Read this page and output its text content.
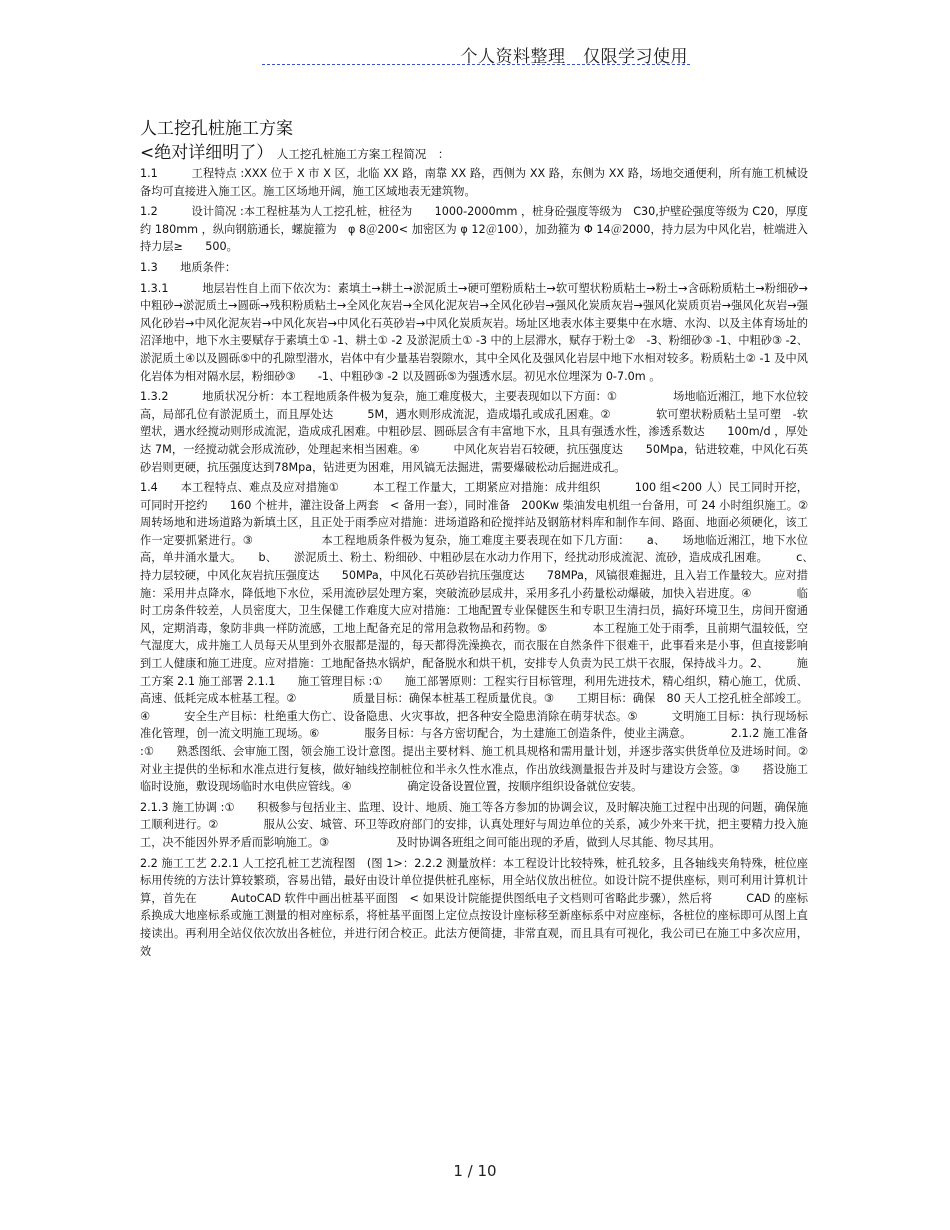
个人资料整理　仅限学习使用
人工挖孔桩施工方案
<绝对详细明了） 人工挖孔桩施工方案工程简况　：

1.1　　　工程特点 :XXX 位于 X 市 X 区，北临 XX 路，南靠 XX 路，西侧为 XX 路，东侧为 XX 路，场地交通便利，所有施工机械设备均可直接进入施工区。施工区场地开阔，施工区域地表无建筑物。

1.2　　　设计简况 :本工程桩基为人工挖孔桩，桩径为　　1000-2000mm ，桩身砼强度等级为　C30,护壁砼强度等级为 C20，厚度约 180mm ，纵向钢筋通长，螺旋箍为　φ 8＠200< 加密区为 φ 12＠100），加劲箍为 Φ 14＠2000，持力层为中风化岩，桩端进入持力层≥　　500。

1.3　　地质条件：

1.3.1　　　地层岩性自上而下依次为：素填土→耕土→淤泥质土→硬可塑粉质粘土→软可塑状粉质粘土→粉土→含砾粉质粘土→粉细砂→中粗砂→淤泥质土→圆砾→残积粉质粘土→全风化灰岩→全风化泥灰岩→全风化砂岩→强风化炭质灰岩→强风化炭质页岩→强风化灰岩→强风化砂岩→中风化泥灰岩→中风化灰岩→中风化石英砂岩→中风化炭质灰岩。场址区地表水体主要集中在水塘、水沟、以及主体育场址的沼泽地中，地下水主要赋存于素填土① -1、耕土① -2 及淤泥质土① -3 中的上层滞水，赋存于粉土②　-3、粉细砂③ -1、中粗砂③ -2、淤泥质土④以及圆砾⑤中的孔隙型潜水，岩体中有少量基岩裂隙水，其中全风化及强风化岩层中地下水相对较多。粉质粘土② -1 及中风化岩体为相对隔水层，粉细砂③　　-1、中粗砂③ -2 以及圆砾⑤为强透水层。初见水位埋深为 0-7.0m 。

1.3.2　　　地质状况分析：本工程地质条件极为复杂，施工难度极大，主要表现如以下方面：①　　　　　场地临近湘江，地下水位较高，局部孔位有淤泥质土，而且厚处达　　　5M，遇水则形成流泥，造成塌孔或成孔困难。②　　　　软可塑状粉质粘土呈可塑　-软塑状，遇水经搅动则形成流泥，造成成孔困难。中粗砂层、圆砾层含有丰富地下水，且具有强透水性，渗透系数达　　100m/d ，厚处达 7M，一经搅动就会形成流砂，处理起来相当困难。④　　　中风化灰岩岩石较硬，抗压强度达　　50Mpa，钻进较难，中风化石英砂岩则更硬，抗压强度达到78Mpa，钻进更为困难，用风镐无法掘进，需要爆破松动后掘进成孔。

1.4　　本工程特点、难点及应对措施①　　　本工程工作量大，工期紧应对措施：成井组织　　　100 组<200 人）民工同时开挖，可同时开挖约　　160 个桩井，灌注设备上两套　< 备用一套），同时准备　200Kw 柴油发电机组一台备用，可 24 小时组织施工。②　　　　周转场地和进场道路为新填土区，且正处于雨季应对措施：进场道路和砼搅拌站及钢筋材料库和制作车间、路面、地面必须硬化，该工作一定要抓紧进行。③　　　　　　本工程地质条件极为复杂，施工难度主要表现在如下几方面：　　a、　　场地临近湘江，地下水位高，单井涌水量大。　　b、　　淤泥质土、粉土、粉细砂、中粗砂层在水动力作用下，经扰动形成流泥、流砂，造成成孔困难。　　　c、　　持力层较硬，中风化灰岩抗压强度达　　50MPa，中风化石英砂岩抗压强度达　　78MPa，风镐很难掘进，且入岩工作量较大。应对措施：采用井点降水，降低地下水位，采用流砂层处理方案，突破流砂层成井，采用多孔小药量松动爆破，加快入岩进度。④　　　　临时工房条件较差，人员密度大，卫生保健工作难度大应对措施：工地配置专业保健医生和专职卫生清扫员，搞好环境卫生，房间开窗通风，定期消毒，象防非典一样防流感，工地上配备充足的常用急救物品和药物。⑤　　　　本工程施工处于雨季，且前期气温较低，空气湿度大，成井施工人员每天从里到外衣服都是湿的，每天都得洗澡换衣，而衣服在自然条件下很难干，此事看来是小事，但直接影响到工人健康和施工进度。应对措施：工地配备热水锅炉，配备脱水和烘干机，安排专人负责为民工烘干衣服，保持战斗力。2、　　　施工方案 2.1 施工部署 2.1.1　　施工管理目标 :①　　施工部署原则：工程实行目标管理，利用先进技术，精心组织，精心施工，优质、高速、低耗完成本桩基工程。②　　　　　质量目标：确保本桩基工程质量优良。③　　工期目标：确保　80 天人工挖孔桩全部竣工。④　　　安全生产目标：杜绝重大伤亡、设备隐患、火灾事故，把各种安全隐患消除在萌芽状态。⑤　　　文明施工目标：执行现场标准化管理，创一流文明施工现场。⑥　　　　服务目标：与各方密切配合，为土建施工创造条件，使业主满意。　　　　2.1.2 施工准备 :①　　熟悉图纸、会审施工图，领会施工设计意图。提出主要材料、施工机具规格和需用量计划，并逐步落实供货单位及进场时间。②　　　　　　对业主提供的坐标和水准点进行复核，做好轴线控制桩位和半永久性水准点，作出放线测量报告并及时与建设方会签。③　　搭设施工临时设施，敷设现场临时水电供应管线。④　　　　　确定设备设置位置，按顺序组织设备就位安装。

2.1.3 施工协调 :①　　积极参与包括业主、监理、设计、地质、施工等各方参加的协调会议，及时解决施工过程中出现的问题，确保施工顺利进行。②　　　　服从公安、城管、环卫等政府部门的安排，认真处理好与周边单位的关系，减少外来干扰，把主要精力投入施工，决不能因外界矛盾而影响施工。③　　　　　　及时协调各班组之间可能出现的矛盾，做到人尽其能、物尽其用。

2.2 施工工艺 2.2.1 人工挖孔桩工艺流程图　(图 1>：2.2.2 测量放样：本工程设计比较特殊，桩孔较多，且各轴线夹角特殊，桩位座标用传统的方法计算较繁琐，容易出错，最好由设计单位提供桩孔座标，用全站仪放出桩位。如设计院不提供座标，则可利用计算机计算，首先在　　　AutoCAD 软件中画出桩基平面图　< 如果设计院能提供图纸电子文档则可省略此步骤），然后将　　　CAD 的座标系换成大地座标系或施工测量的相对座标系，将桩基平面图上定位点按设计座标移至新座标系中对应座标，各桩位的座标即可从图上直接读出。再利用全站仪依次放出各桩位，并进行闭合校正。此法方便简捷，非常直观，而且具有可视化，我公司已在施工中多次应用，效

1 / 10
